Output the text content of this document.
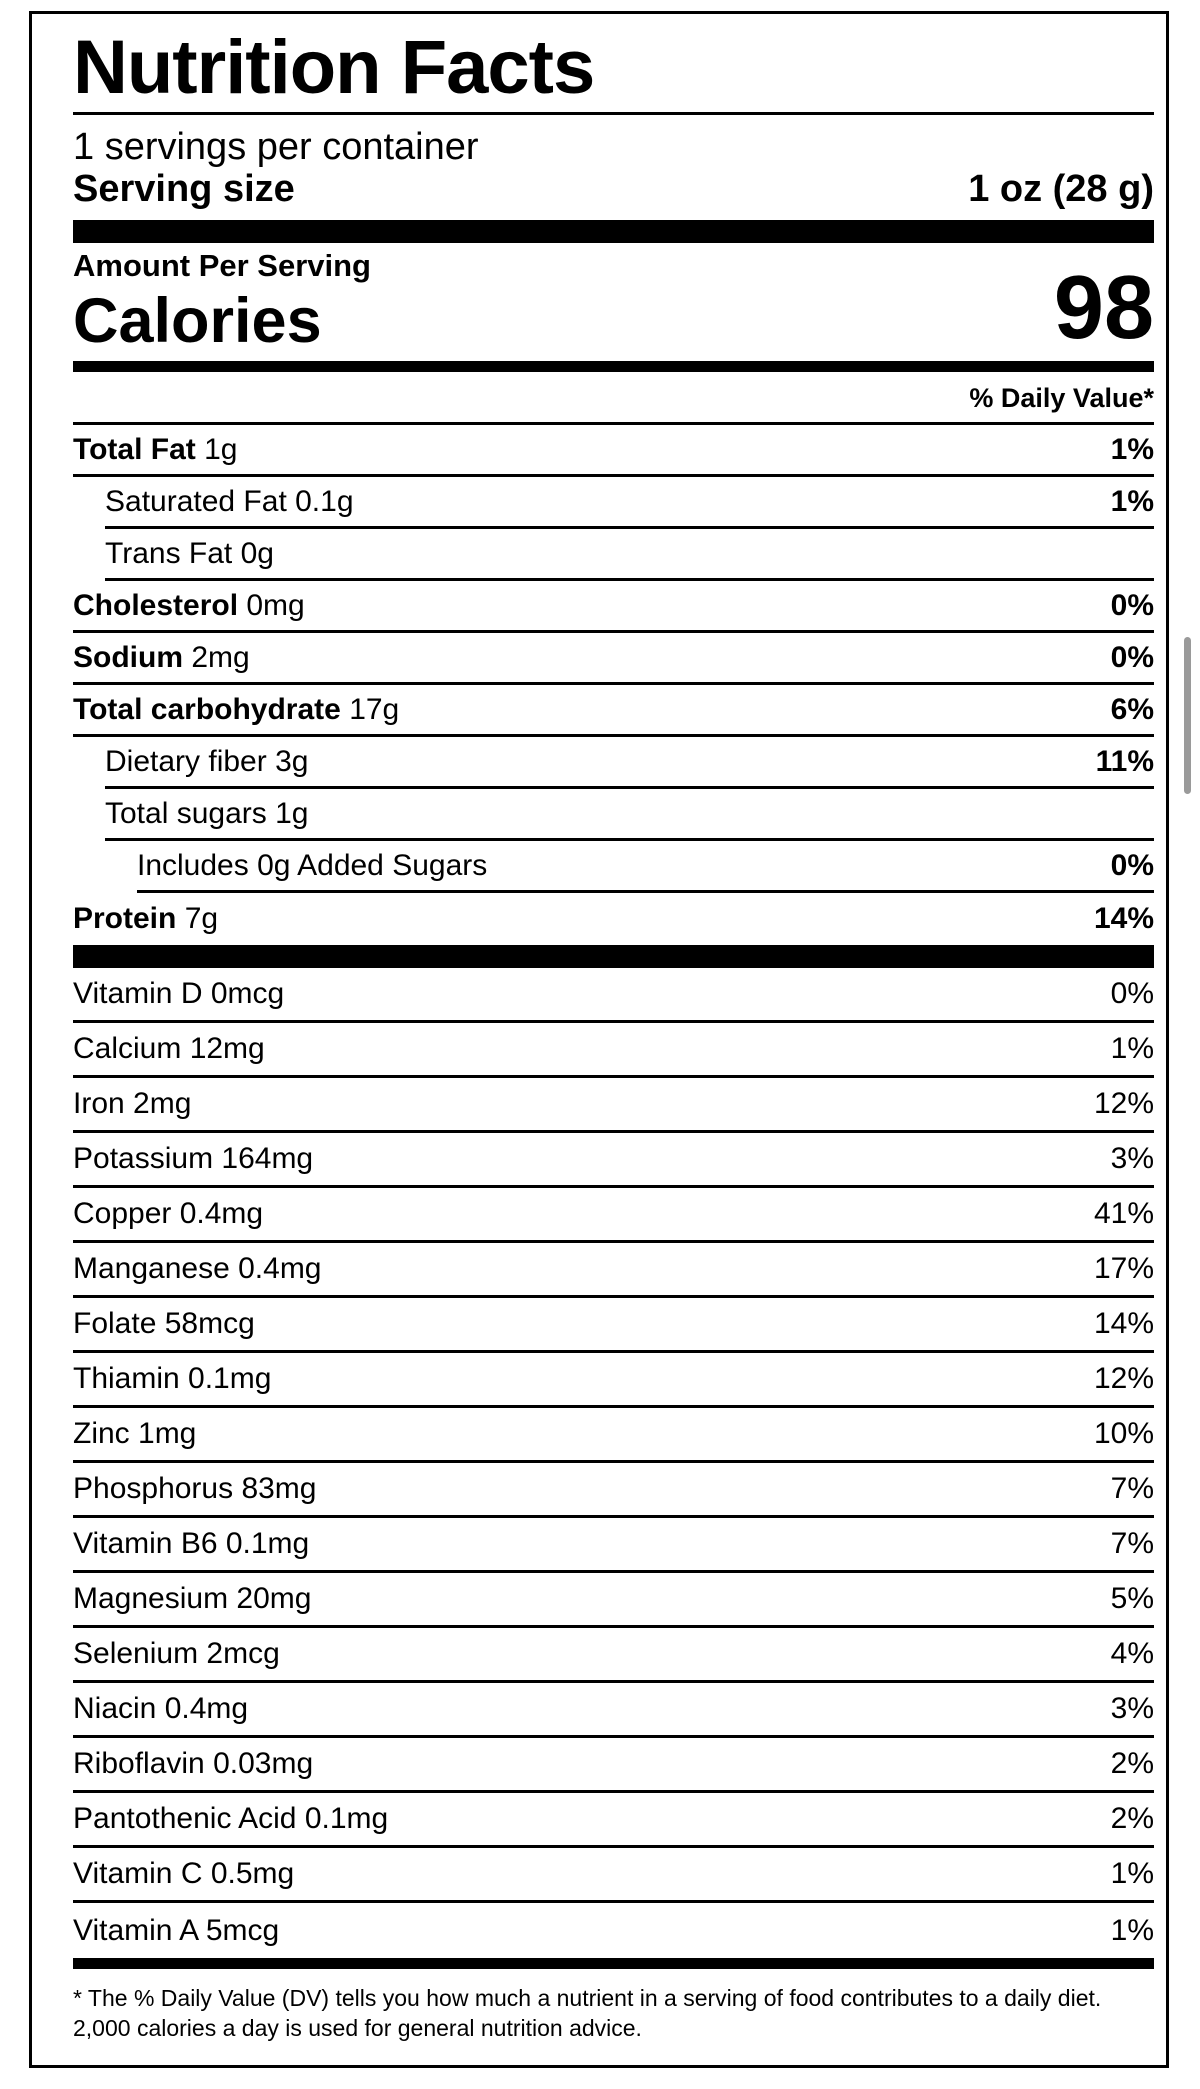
Nutrition Facts
1 servings per container
Serving size	1 oz (28 g)
Amount Per Serving
Calories	98
% Daily Value*
Total Fat 1g	1%
Saturated Fat 0.1g	1%
Trans Fat 0g
Cholesterol 0mg	0%
Sodium 2mg	0%
Total carbohydrate 17g	6%
Dietary fiber 3g	11%
Total sugars 1g
Includes 0g Added Sugars	0%
Protein 7g	14%
Vitamin D 0mcg	0%
Calcium 12mg	1%
Iron 2mg	12%
Potassium 164mg	3%
Copper 0.4mg	41%
Manganese 0.4mg	17%
Folate 58mcg	14%
Thiamin 0.1mg	12%
Zinc 1mg	10%
Phosphorus 83mg	7%
Vitamin B6 0.1mg	7%
Magnesium 20mg	5%
Selenium 2mcg	4%
Niacin 0.4mg	3%
Riboflavin 0.03mg	2%
Pantothenic Acid 0.1mg	2%
Vitamin C 0.5mg	1%
Vitamin A 5mcg	1%
* The % Daily Value (DV) tells you how much a nutrient in a serving of food contributes to a daily diet. 2,000 calories a day is used for general nutrition advice.
